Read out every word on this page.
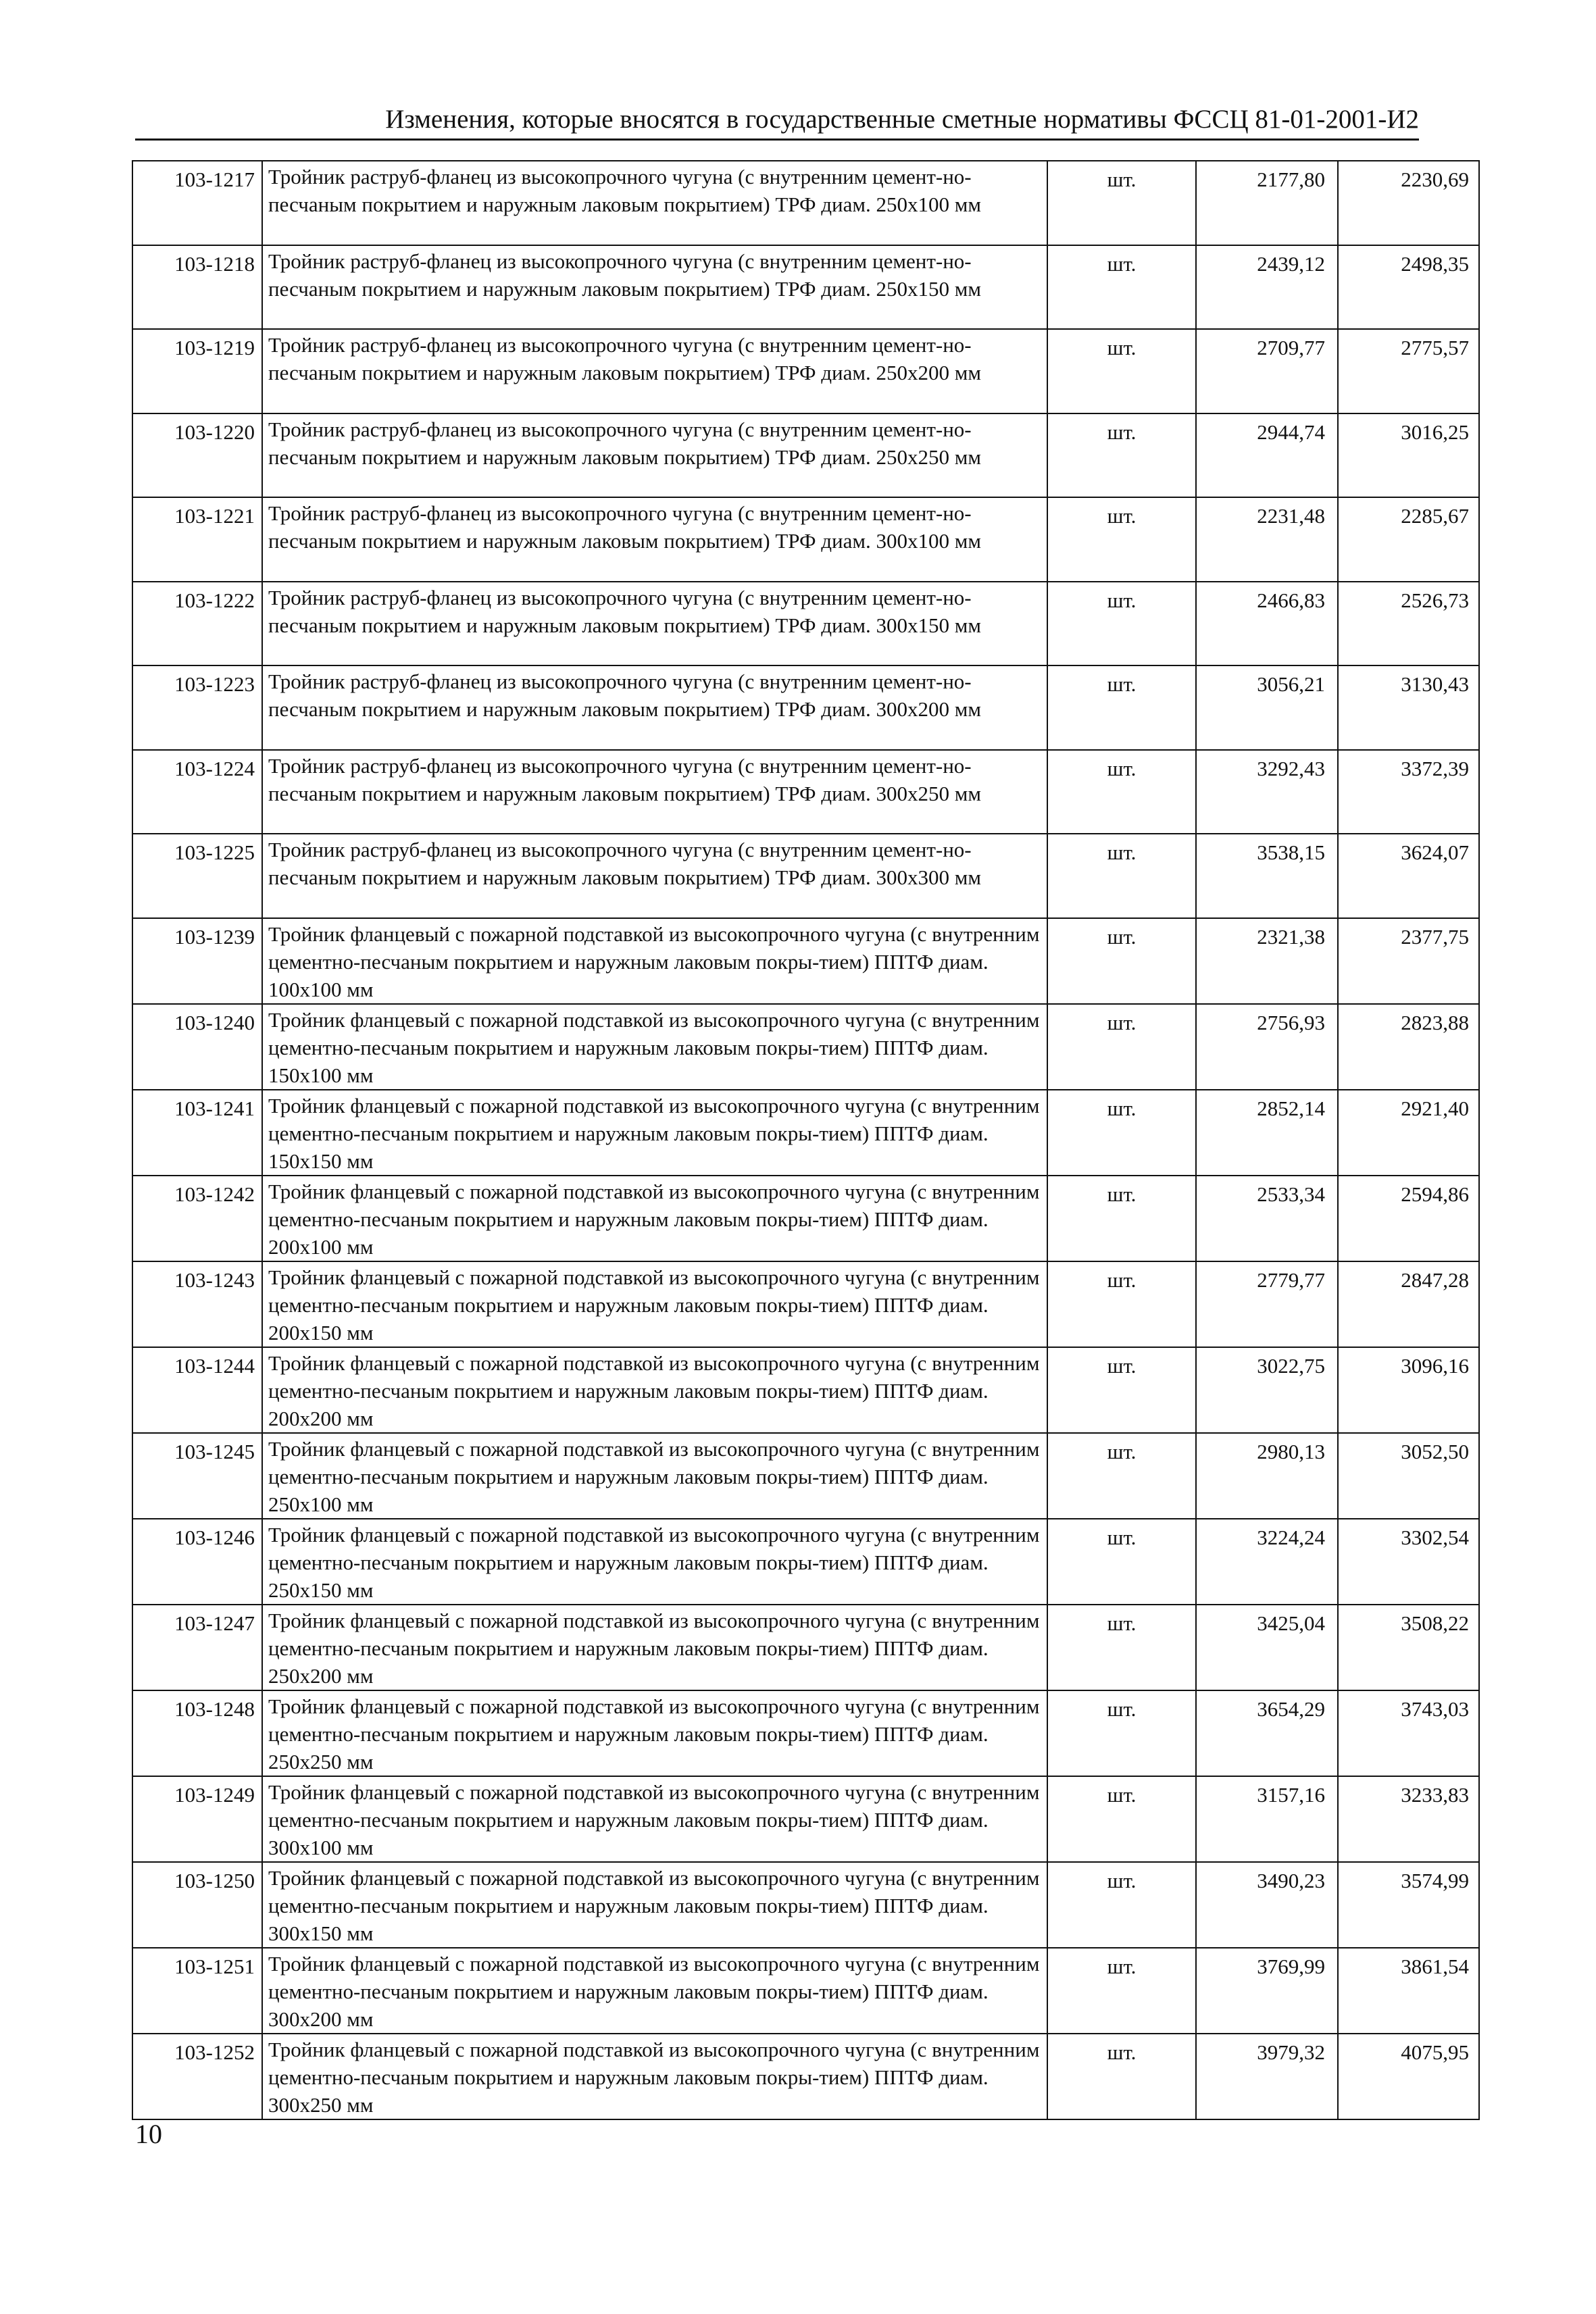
Изменения, которые вносятся в государственные сметные нормативы ФССЦ 81-01-2001-И2
103-1217	Тройник раструб-фланец из высокопрочного чугуна (с внутренним цемент-но-песчаным покрытием и наружным лаковым покрытием) ТРФ диам. 250x100 мм	шт.	2177,80	2230,69
103-1218	Тройник раструб-фланец из высокопрочного чугуна (с внутренним цемент-но-песчаным покрытием и наружным лаковым покрытием) ТРФ диам. 250x150 мм	шт.	2439,12	2498,35
103-1219	Тройник раструб-фланец из высокопрочного чугуна (с внутренним цемент-но-песчаным покрытием и наружным лаковым покрытием) ТРФ диам. 250x200 мм	шт.	2709,77	2775,57
103-1220	Тройник раструб-фланец из высокопрочного чугуна (с внутренним цемент-но-песчаным покрытием и наружным лаковым покрытием) ТРФ диам. 250x250 мм	шт.	2944,74	3016,25
103-1221	Тройник раструб-фланец из высокопрочного чугуна (с внутренним цемент-но-песчаным покрытием и наружным лаковым покрытием) ТРФ диам. 300x100 мм	шт.	2231,48	2285,67
103-1222	Тройник раструб-фланец из высокопрочного чугуна (с внутренним цемент-но-песчаным покрытием и наружным лаковым покрытием) ТРФ диам. 300x150 мм	шт.	2466,83	2526,73
103-1223	Тройник раструб-фланец из высокопрочного чугуна (с внутренним цемент-но-песчаным покрытием и наружным лаковым покрытием) ТРФ диам. 300x200 мм	шт.	3056,21	3130,43
103-1224	Тройник раструб-фланец из высокопрочного чугуна (с внутренним цемент-но-песчаным покрытием и наружным лаковым покрытием) ТРФ диам. 300x250 мм	шт.	3292,43	3372,39
103-1225	Тройник раструб-фланец из высокопрочного чугуна (с внутренним цемент-но-песчаным покрытием и наружным лаковым покрытием) ТРФ диам. 300x300 мм	шт.	3538,15	3624,07
103-1239	Тройник фланцевый с пожарной подставкой из высокопрочного чугуна (с внутренним цементно-песчаным покрытием и наружным лаковым покры-тием) ППТФ диам. 100x100 мм	шт.	2321,38	2377,75
103-1240	Тройник фланцевый с пожарной подставкой из высокопрочного чугуна (с внутренним цементно-песчаным покрытием и наружным лаковым покры-тием) ППТФ диам. 150x100 мм	шт.	2756,93	2823,88
103-1241	Тройник фланцевый с пожарной подставкой из высокопрочного чугуна (с внутренним цементно-песчаным покрытием и наружным лаковым покры-тием) ППТФ диам. 150x150 мм	шт.	2852,14	2921,40
103-1242	Тройник фланцевый с пожарной подставкой из высокопрочного чугуна (с внутренним цементно-песчаным покрытием и наружным лаковым покры-тием) ППТФ диам. 200x100 мм	шт.	2533,34	2594,86
103-1243	Тройник фланцевый с пожарной подставкой из высокопрочного чугуна (с внутренним цементно-песчаным покрытием и наружным лаковым покры-тием) ППТФ диам. 200x150 мм	шт.	2779,77	2847,28
103-1244	Тройник фланцевый с пожарной подставкой из высокопрочного чугуна (с внутренним цементно-песчаным покрытием и наружным лаковым покры-тием) ППТФ диам. 200x200 мм	шт.	3022,75	3096,16
103-1245	Тройник фланцевый с пожарной подставкой из высокопрочного чугуна (с внутренним цементно-песчаным покрытием и наружным лаковым покры-тием) ППТФ диам. 250x100 мм	шт.	2980,13	3052,50
103-1246	Тройник фланцевый с пожарной подставкой из высокопрочного чугуна (с внутренним цементно-песчаным покрытием и наружным лаковым покры-тием) ППТФ диам. 250x150 мм	шт.	3224,24	3302,54
103-1247	Тройник фланцевый с пожарной подставкой из высокопрочного чугуна (с внутренним цементно-песчаным покрытием и наружным лаковым покры-тием) ППТФ диам. 250x200 мм	шт.	3425,04	3508,22
103-1248	Тройник фланцевый с пожарной подставкой из высокопрочного чугуна (с внутренним цементно-песчаным покрытием и наружным лаковым покры-тием) ППТФ диам. 250x250 мм	шт.	3654,29	3743,03
103-1249	Тройник фланцевый с пожарной подставкой из высокопрочного чугуна (с внутренним цементно-песчаным покрытием и наружным лаковым покры-тием) ППТФ диам. 300x100 мм	шт.	3157,16	3233,83
103-1250	Тройник фланцевый с пожарной подставкой из высокопрочного чугуна (с внутренним цементно-песчаным покрытием и наружным лаковым покры-тием) ППТФ диам. 300x150 мм	шт.	3490,23	3574,99
103-1251	Тройник фланцевый с пожарной подставкой из высокопрочного чугуна (с внутренним цементно-песчаным покрытием и наружным лаковым покры-тием) ППТФ диам. 300x200 мм	шт.	3769,99	3861,54
103-1252	Тройник фланцевый с пожарной подставкой из высокопрочного чугуна (с внутренним цементно-песчаным покрытием и наружным лаковым покры-тием) ППТФ диам. 300x250 мм	шт.	3979,32	4075,95
10
